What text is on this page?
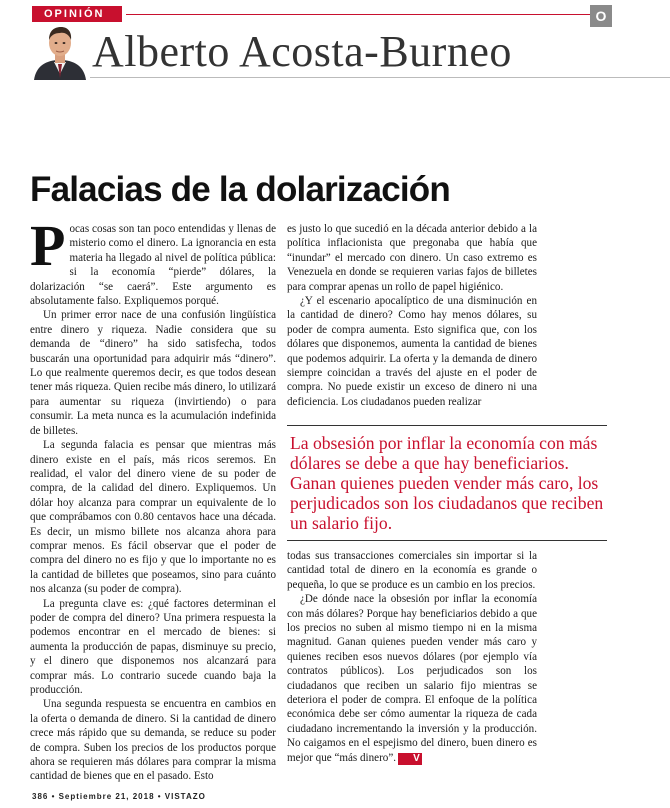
OPINIÓN	O
Alberto Acosta-Burneo
Falacias de la dolarización

Pocas cosas son tan poco entendidas y llenas de misterio como el dinero. La ignorancia en esta materia ha llegado al nivel de política pública: si la economía “pierde” dólares, la dolarización “se caerá”. Este argumento es absolutamente falso. Expliquemos porqué.

Un primer error nace de una confusión lingüística entre dinero y riqueza. Nadie considera que su demanda de “dinero” ha sido satisfecha, todos buscarán una oportunidad para adquirir más “dinero”. Lo que realmente queremos decir, es que todos desean tener más riqueza. Quien recibe más dinero, lo utilizará para aumentar su riqueza (invirtiendo) o para consumir. La meta nunca es la acumulación indefinida de billetes.

La segunda falacia es pensar que mientras más dinero existe en el país, más ricos seremos. En realidad, el valor del dinero viene de su poder de compra, de la calidad del dinero. Expliquemos. Un dólar hoy alcanza para comprar un equivalente de lo que comprábamos con 0.80 centavos hace una década. Es decir, un mismo billete nos alcanza ahora para comprar menos. Es fácil observar que el poder de compra del dinero no es fijo y que lo importante no es la cantidad de billetes que poseamos, sino para cuánto nos alcanza (su poder de compra).

La pregunta clave es: ¿qué factores determinan el poder de compra del dinero? Una primera respuesta la podemos encontrar en el mercado de bienes: si aumenta la producción de papas, disminuye su precio, y el dinero que disponemos nos alcanzará para comprar más. Lo contrario sucede cuando baja la producción.

Una segunda respuesta se encuentra en cambios en la oferta o demanda de dinero. Si la cantidad de dinero crece más rápido que su demanda, se reduce su poder de compra. Suben los precios de los productos porque ahora se requieren más dólares para comprar la misma cantidad de bienes que en el pasado. Esto

es justo lo que sucedió en la década anterior debido a la política inflacionista que pregonaba que había que “inundar” el mercado con dinero. Un caso extremo es Venezuela en donde se requieren varias fajos de billetes para comprar apenas un rollo de papel higiénico.

¿Y el escenario apocalíptico de una disminución en la cantidad de dinero? Como hay menos dólares, su poder de compra aumenta. Esto significa que, con los dólares que disponemos, aumenta la cantidad de bienes que podemos adquirir. La oferta y la demanda de dinero siempre coincidan a través del ajuste en el poder de compra. No puede existir un exceso de dinero ni una deficiencia. Los ciudadanos pueden realizar

La obsesión por inflar la economía con más dólares se debe a que hay beneficiarios. Ganan quienes pueden vender más caro, los perjudicados son los ciudadanos que reciben un salario fijo.

todas sus transacciones comerciales sin importar si la cantidad total de dinero en la economía es grande o pequeña, lo que se produce es un cambio en los precios.

¿De dónde nace la obsesión por inflar la economía con más dólares? Porque hay beneficiarios debido a que los precios no suben al mismo tiempo ni en la misma magnitud. Ganan quienes pueden vender más caro y quienes reciben esos nuevos dólares (por ejemplo vía contratos públicos). Los perjudicados son los ciudadanos que reciben un salario fijo mientras se deteriora el poder de compra. El enfoque de la política económica debe ser cómo aumentar la riqueza de cada ciudadano incrementando la inversión y la producción. No caigamos en el espejismo del dinero, buen dinero es mejor que “más dinero”. V

386 • Septiembre 21, 2018 • VISTAZO
